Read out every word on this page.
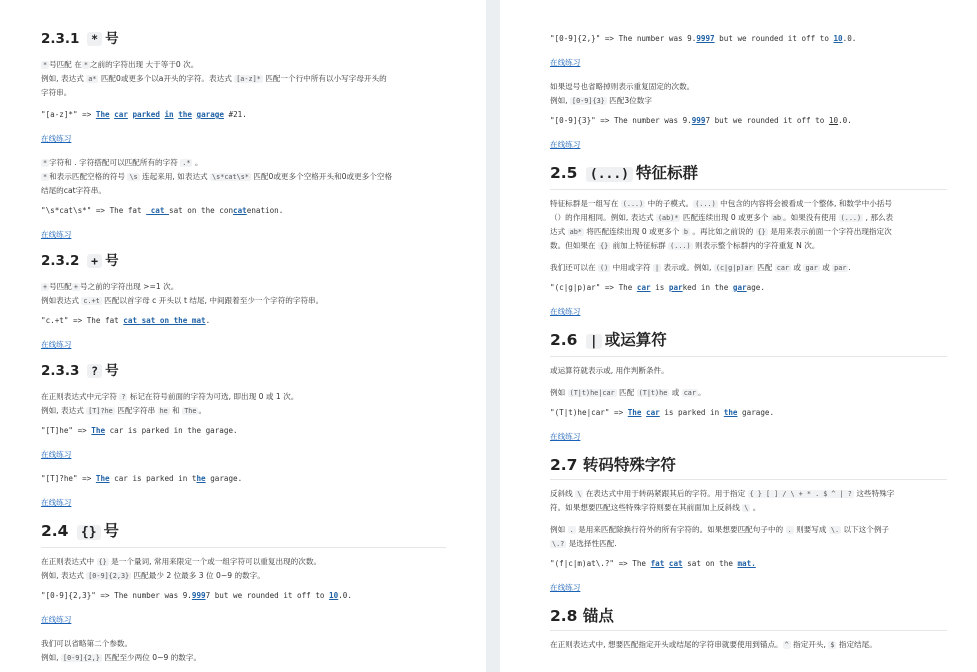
2.3.1 * 号

* 号匹配 在 * 之前的字符出现 大于等于0 次。

例如, 表达式 a* 匹配0或更多个以a开头的字符。表达式 [a-z]* 匹配一个行中所有以小写字母开头的

字符串。

"[a-z]*" => The car parked in the garage #21.
在线练习

* 字符和 . 字符搭配可以匹配所有的字符 .* 。

* 和表示匹配空格的符号 \s 连起来用, 如表达式 \s*cat\s* 匹配0或更多个空格开头和0或更多个空格

结尾的cat字符串。

"\s*cat\s*" => The fat  cat sat on the concatenation.
在线练习
2.3.2 + 号

+ 号匹配 + 号之前的字符出现 >=1 次。

例如表达式 c.+t 匹配以首字母 c 开头以 t 结尾, 中间跟着至少一个字符的字符串。

"c.+t" => The fat cat sat on the mat.
在线练习
2.3.3 ? 号

在正则表达式中元字符 ? 标记在符号前面的字符为可选, 即出现 0 或 1 次。

例如, 表达式 [T]?he 匹配字符串 he 和 The 。

"[T]he" => The car is parked in the garage.
在线练习
"[T]?he" => The car is parked in the garage.
在线练习
2.4 {} 号

在正则表达式中 {} 是一个量词, 常用来限定一个或一组字符可以重复出现的次数。

例如, 表达式 [0-9]{2,3} 匹配最少 2 位最多 3 位 0~9 的数字。

"[0-9]{2,3}" => The number was 9.9997 but we rounded it off to 10.0.
在线练习

我们可以省略第二个参数。

例如, [0-9]{2,} 匹配至少两位 0~9 的数字。

"[0-9]{2,}" => The number was 9.9997 but we rounded it off to 10.0.
在线练习

如果逗号也省略掉则表示重复固定的次数。

例如, [0-9]{3} 匹配3位数字

"[0-9]{3}" => The number was 9.9997 but we rounded it off to 10.0.
在线练习
2.5 (...) 特征标群

特征标群是一组写在 (...) 中的子模式。 (...) 中包含的内容将会被看成一个整体, 和数学中小括号

（）的作用相同。例如, 表达式 (ab)* 匹配连续出现 0 或更多个 ab 。如果没有使用 (...) , 那么表

达式 ab* 将匹配连续出现 0 或更多个 b 。再比如之前说的 {} 是用来表示前面一个字符出现指定次

数。但如果在 {} 前加上特征标群 (...) 则表示整个标群内的字符重复 N 次。

我们还可以在 () 中用或字符 | 表示或。例如, (c|g|p)ar 匹配 car 或 gar 或 par .

"(c|g|p)ar" => The car is parked in the garage.
在线练习
2.6 | 或运算符

或运算符就表示或, 用作判断条件。

例如 (T|t)he|car 匹配 (T|t)he 或 car 。

"(T|t)he|car" => The car is parked in the garage.
在线练习
2.7 转码特殊字符

反斜线 \ 在表达式中用于转码紧跟其后的字符。用于指定 { } [ ] / \ + * . $ ^ | ? 这些特殊字

符。如果想要匹配这些特殊字符则要在其前面加上反斜线 \ 。

例如 . 是用来匹配除换行符外的所有字符的。如果想要匹配句子中的 . 则要写成 \. 以下这个例子

\.? 是选择性匹配.

"(f|c|m)at\.?" => The fat cat sat on the mat.
在线练习
2.8 锚点

在正则表达式中, 想要匹配指定开头或结尾的字符串就要使用到锚点。 ^ 指定开头, $ 指定结尾。
